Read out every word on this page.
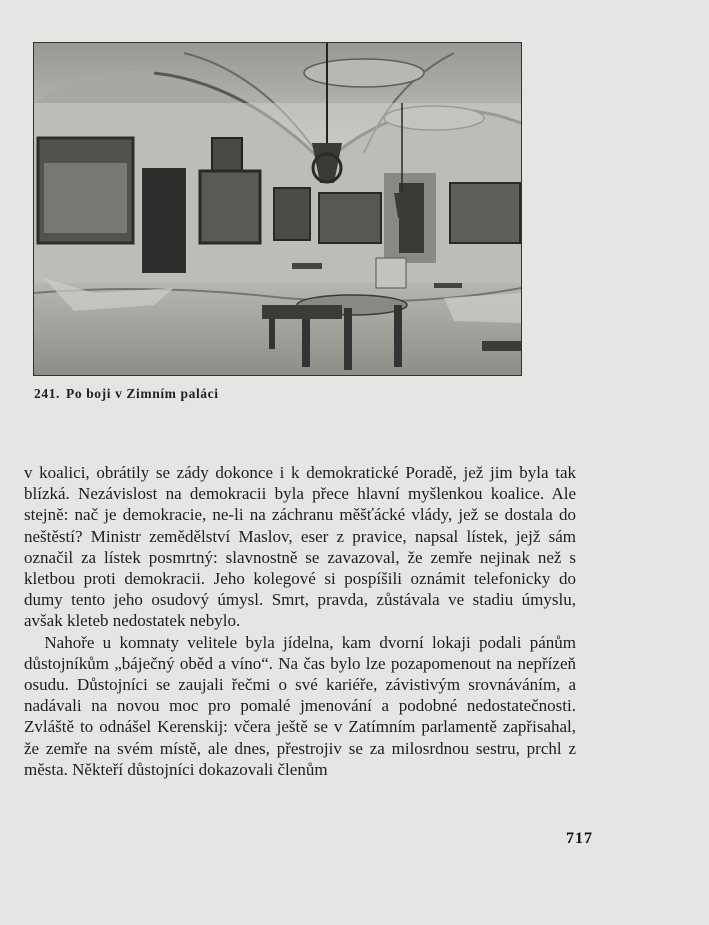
241. Po boji v Zimním paláci

v koalici, obrátily se zády dokonce i k demokratické Poradě, jež jim byla tak blízká. Nezávislost na demokracii byla přece hlavní myšlenkou koalice. Ale stejně: nač je demokracie, ne-li na záchranu měšťácké vlády, jež se dostala do neštěstí? Ministr zemědělství Maslov, eser z pravice, napsal lístek, jejž sám označil za lístek posmrtný: slavnostně se zavazoval, že zemře nejinak než s kletbou proti demokracii. Jeho kolegové si pospíšili oznámit telefonicky do dumy tento jeho osudový úmysl. Smrt, pravda, zůstávala ve stadiu úmyslu, avšak kleteb nedostatek nebylo.

Nahoře u komnaty velitele byla jídelna, kam dvorní lokaji podali pánům důstojníkům „báječný oběd a víno“. Na čas bylo lze pozapomenout na nepřízeň osudu. Důstojníci se zaujali řečmi o své kariéře, závistivým srovnáváním, a nadávali na novou moc pro pomalé jmenování a podobné nedostatečnosti. Zvláště to odnášel Kerenskij: včera ještě se v Zatímním parlamentě zapřisahal, že zemře na svém místě, ale dnes, přestrojiv se za milosrdnou sestru, prchl z města. Někteří důstojníci dokazovali členům

717
